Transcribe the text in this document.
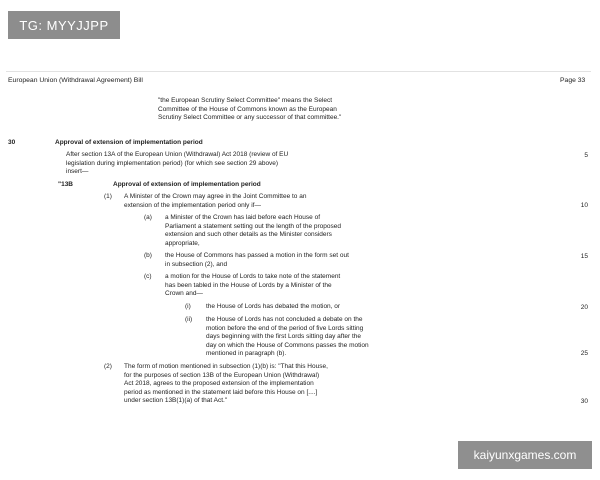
TG: MYYJJPP
kaiyunxgames.com
European Union (Withdrawal Agreement) Bill	Page 33
"the European Scrutiny Select Committee" means the Select
Committee of the House of Commons known as the European
Scrutiny Select Committee or any successor of that committee."
30	Approval of extension of implementation period
After section 13A of the European Union (Withdrawal) Act 2018 (review of EU
legislation during implementation period) (for which see section 29 above)
insert—
"13B	Approval of extension of implementation period
(1) A Minister of the Crown may agree in the Joint Committee to an
extension of the implementation period only if—
(a) a Minister of the Crown has laid before each House of
Parliament a statement setting out the length of the proposed
extension and such other details as the Minister considers
appropriate,
(b) the House of Commons has passed a motion in the form set out
in subsection (2), and
(c) a motion for the House of Lords to take note of the statement
has been tabled in the House of Lords by a Minister of the
Crown and—
(i) the House of Lords has debated the motion, or
(ii) the House of Lords has not concluded a debate on the
motion before the end of the period of five Lords sitting
days beginning with the first Lords sitting day after the
day on which the House of Commons passes the motion
mentioned in paragraph (b).
(2) The form of motion mentioned in subsection (1)(b) is: "That this House,
for the purposes of section 13B of the European Union (Withdrawal)
Act 2018, agrees to the proposed extension of the implementation
period as mentioned in the statement laid before this House on [....]
under section 13B(1)(a) of that Act."
5
10
15
20
25
30
